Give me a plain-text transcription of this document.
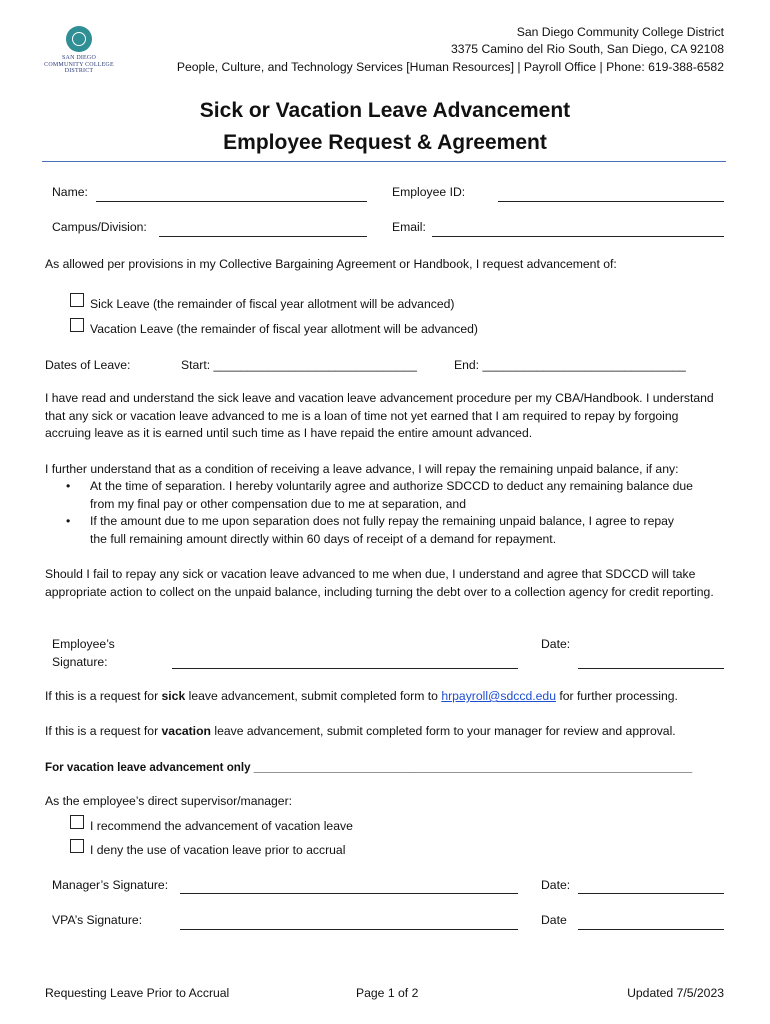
SAN DIEGO
COMMUNITY COLLEGE
DISTRICT
San Diego Community College District
3375 Camino del Rio South, San Diego, CA 92108
People, Culture, and Technology Services [Human Resources] | Payroll Office | Phone: 619-388-6582
Sick or Vacation Leave Advancement
Employee Request & Agreement
Name:	Employee ID:
Campus/Division:	Email:
As allowed per provisions in my Collective Bargaining Agreement or Handbook, I request advancement of:
Sick Leave (the remainder of fiscal year allotment will be advanced)
Vacation Leave (the remainder of fiscal year allotment will be advanced)
Dates of Leave:	Start: ______________________________	End: ______________________________
I have read and understand the sick leave and vacation leave advancement procedure per my CBA/Handbook. I understand that any sick or vacation leave advanced to me is a loan of time not yet earned that I am required to repay by forgoing accruing leave as it is earned until such time as I have repaid the entire amount advanced.
I further understand that as a condition of receiving a leave advance, I will repay the remaining unpaid balance, if any:
• At the time of separation. I hereby voluntarily agree and authorize SDCCD to deduct any remaining balance due
from my final pay or other compensation due to me at separation, and
• If the amount due to me upon separation does not fully repay the remaining unpaid balance, I agree to repay
the full remaining amount directly within 60 days of receipt of a demand for repayment.
Should I fail to repay any sick or vacation leave advanced to me when due, I understand and agree that SDCCD will take appropriate action to collect on the unpaid balance, including turning the debt over to a collection agency for credit reporting.
Employee’s
Signature:
Date:
If this is a request for sick leave advancement, submit completed form to hrpayroll@sdccd.edu for further processing.
If this is a request for vacation leave advancement, submit completed form to your manager for review and approval.
For vacation leave advancement only ____________________________________________________________________
As the employee’s direct supervisor/manager:
I recommend the advancement of vacation leave
I deny the use of vacation leave prior to accrual
Manager’s Signature:	Date:
VPA’s Signature:	Date
Requesting Leave Prior to Accrual	Page 1 of 2	Updated 7/5/2023
